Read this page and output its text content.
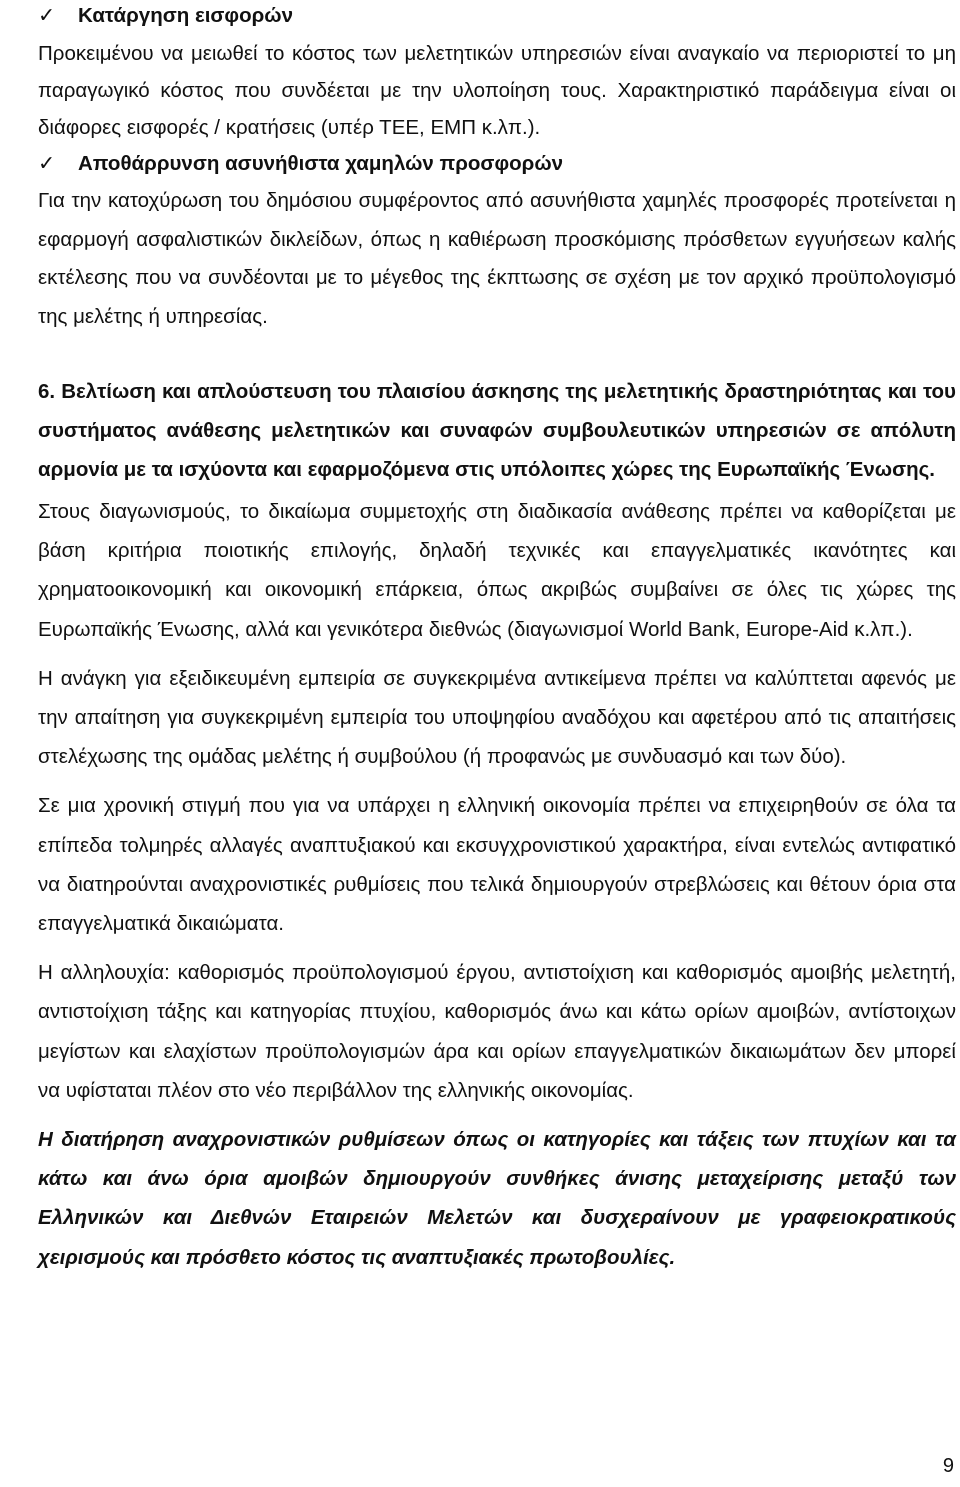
✓	Κατάργηση εισφορών

Προκειμένου να μειωθεί το κόστος των μελετητικών υπηρεσιών είναι αναγκαίο να περιοριστεί το μη παραγωγικό κόστος που συνδέεται με την υλοποίηση τους. Χαρακτηριστικό παράδειγμα είναι οι διάφορες εισφορές / κρατήσεις (υπέρ ΤΕΕ, ΕΜΠ κ.λπ.).

✓	Αποθάρρυνση ασυνήθιστα χαμηλών προσφορών

Για την κατοχύρωση του δημόσιου συμφέροντος από ασυνήθιστα χαμηλές προσφορές προτείνεται η εφαρμογή ασφαλιστικών δικλείδων, όπως η καθιέρωση προσκόμισης πρόσθετων εγγυήσεων καλής εκτέλεσης που να συνδέονται με το μέγεθος της έκπτωσης σε σχέση με τον αρχικό προϋπολογισμό της μελέτης ή υπηρεσίας.

6. Βελτίωση και απλούστευση του πλαισίου άσκησης της μελετητικής δραστηριότητας και του συστήματος ανάθεσης μελετητικών και συναφών συμβουλευτικών υπηρεσιών σε απόλυτη αρμονία με τα ισχύοντα και εφαρμοζόμενα στις υπόλοιπες χώρες της Ευρωπαϊκής Ένωσης.

Στους διαγωνισμούς, το δικαίωμα συμμετοχής στη διαδικασία ανάθεσης πρέπει να καθορίζεται με βάση κριτήρια ποιοτικής επιλογής, δηλαδή τεχνικές και επαγγελματικές ικανότητες και χρηματοοικονομική και οικονομική επάρκεια, όπως ακριβώς συμβαίνει σε όλες τις χώρες της Ευρωπαϊκής Ένωσης, αλλά και γενικότερα διεθνώς (διαγωνισμοί World Bank, Europe-Aid κ.λπ.).

Η ανάγκη για εξειδικευμένη εμπειρία σε συγκεκριμένα αντικείμενα πρέπει να καλύπτεται αφενός με την απαίτηση για συγκεκριμένη εμπειρία του υποψηφίου αναδόχου και αφετέρου από τις απαιτήσεις στελέχωσης της ομάδας μελέτης ή συμβούλου (ή προφανώς με συνδυασμό και των δύο).

Σε μια χρονική στιγμή που για να υπάρχει η ελληνική οικονομία πρέπει να επιχειρηθούν σε όλα τα επίπεδα τολμηρές αλλαγές αναπτυξιακού και εκσυγχρονιστικού χαρακτήρα, είναι εντελώς αντιφατικό να διατηρούνται αναχρονιστικές ρυθμίσεις που τελικά δημιουργούν στρεβλώσεις και θέτουν όρια στα επαγγελματικά δικαιώματα.

Η αλληλουχία: καθορισμός προϋπολογισμού έργου, αντιστοίχιση και καθορισμός αμοιβής μελετητή, αντιστοίχιση τάξης και κατηγορίας πτυχίου, καθορισμός άνω και κάτω ορίων αμοιβών, αντίστοιχων μεγίστων και ελαχίστων προϋπολογισμών άρα και ορίων επαγγελματικών δικαιωμάτων δεν μπορεί να υφίσταται πλέον στο νέο περιβάλλον της ελληνικής οικονομίας.

Η διατήρηση αναχρονιστικών ρυθμίσεων όπως οι κατηγορίες και τάξεις των πτυχίων και τα κάτω και άνω όρια αμοιβών δημιουργούν συνθήκες άνισης μεταχείρισης μεταξύ των Ελληνικών και Διεθνών Εταιρειών Μελετών και δυσχεραίνουν με γραφειοκρατικούς χειρισμούς και πρόσθετο κόστος τις αναπτυξιακές πρωτοβουλίες.

9
